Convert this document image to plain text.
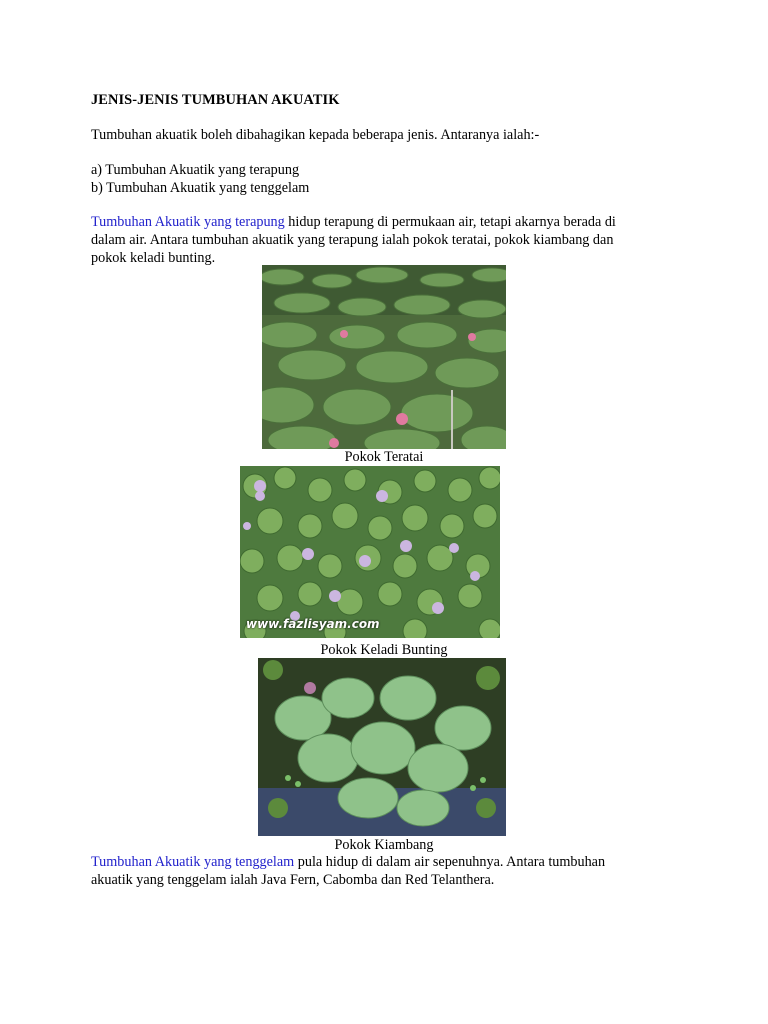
JENIS-JENIS TUMBUHAN AKUATIK

Tumbuhan akuatik boleh dibahagikan kepada beberapa jenis. Antaranya ialah:-

a) Tumbuhan Akuatik yang terapung

b) Tumbuhan Akuatik yang tenggelam

Tumbuhan Akuatik yang terapung hidup terapung di permukaan air, tetapi akarnya berada di

dalam air. Antara tumbuhan akuatik yang terapung ialah pokok teratai, pokok kiambang dan

pokok keladi bunting.

Pokok Teratai

www.fazlisyam.com

Pokok Keladi Bunting

Pokok Kiambang

Tumbuhan Akuatik yang tenggelam pula hidup di dalam air sepenuhnya. Antara tumbuhan

akuatik yang tenggelam ialah Java Fern, Cabomba dan Red Telanthera.
